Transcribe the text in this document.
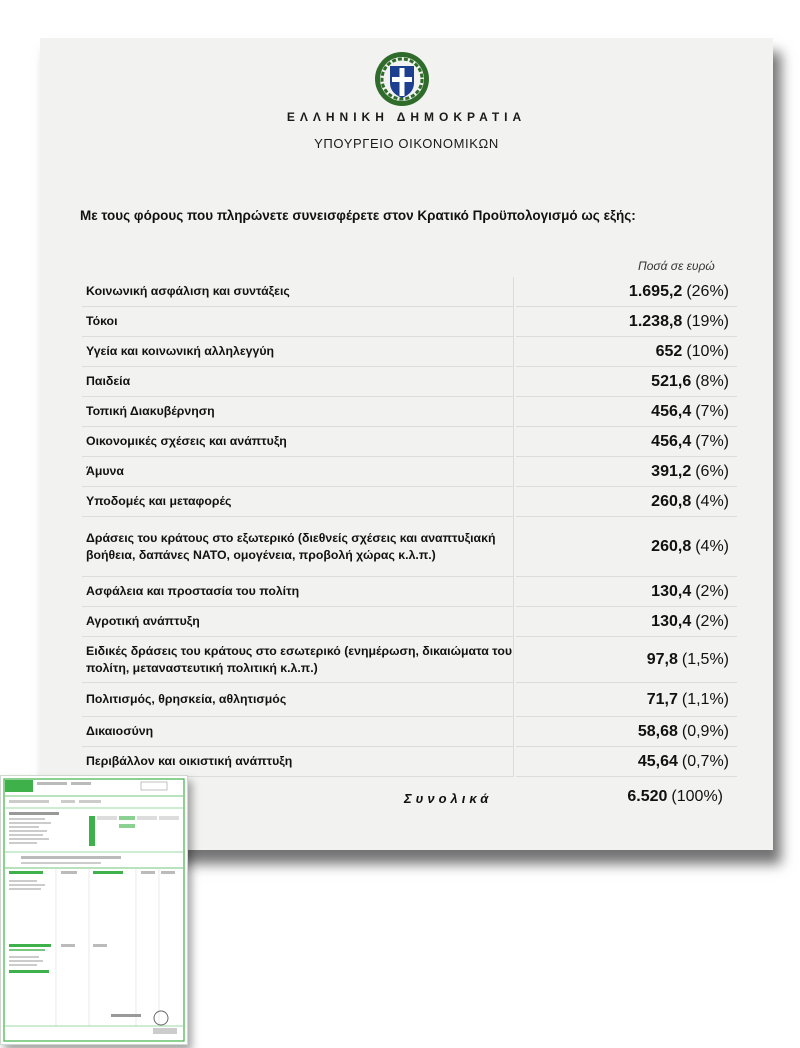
ΕΛΛΗΝΙΚΗ ΔΗΜΟΚΡΑΤΙΑ
ΥΠΟΥΡΓΕΙΟ ΟΙΚΟΝΟΜΙΚΩΝ
Με τους φόρους που πληρώνετε συνεισφέρετε στον Κρατικό Προϋπολογισμό ως εξής:
Ποσά σε ευρώ
Κοινωνική ασφάλιση και συντάξεις	1.695,2 (26%)
Τόκοι	1.238,8 (19%)
Υγεία και κοινωνική αλληλεγγύη	652 (10%)
Παιδεία	521,6 (8%)
Τοπική Διακυβέρνηση	456,4 (7%)
Οικονομικές σχέσεις και ανάπτυξη	456,4 (7%)
Άμυνα	391,2 (6%)
Υποδομές και μεταφορές	260,8 (4%)
Δράσεις του κράτους στο εξωτερικό (διεθνείς σχέσεις και αναπτυξιακή βοήθεια, δαπάνες ΝΑΤΟ, ομογένεια, προβολή χώρας κ.λ.π.)	260,8 (4%)
Ασφάλεια και προστασία του πολίτη	130,4 (2%)
Αγροτική ανάπτυξη	130,4 (2%)
Ειδικές δράσεις του κράτους στο εσωτερικό (ενημέρωση, δικαιώματα του πολίτη, μεταναστευτική πολιτική κ.λ.π.)	97,8 (1,5%)
Πολιτισμός, θρησκεία, αθλητισμός	71,7 (1,1%)
Δικαιοσύνη	58,68 (0,9%)
Περιβάλλον και οικιστική ανάπτυξη	45,64 (0,7%)
Συνολικά	6.520 (100%)
